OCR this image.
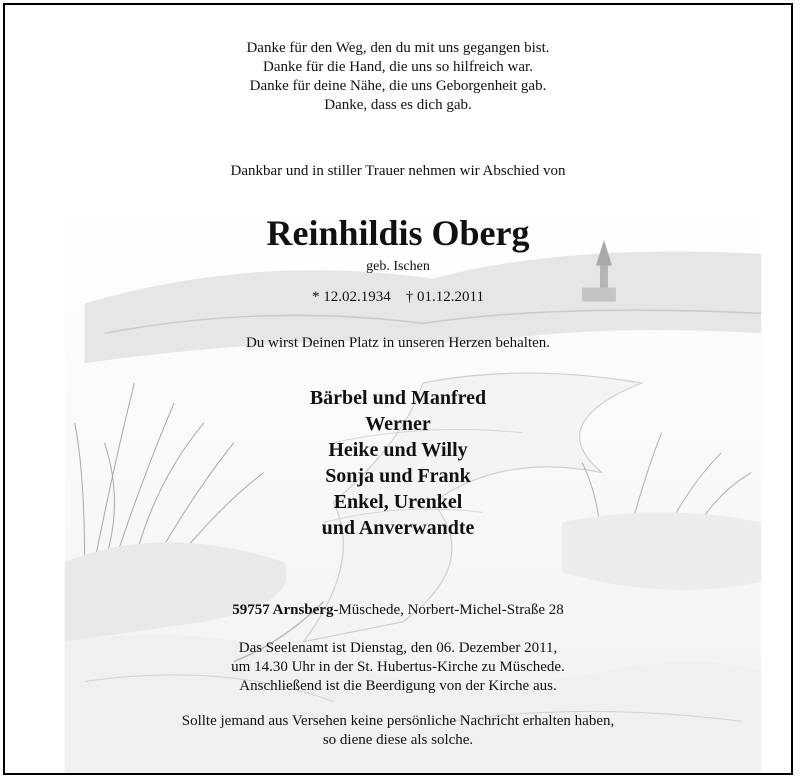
Danke für den Weg, den du mit uns gegangen bist.
Danke für die Hand, die uns so hilfreich war.
Danke für deine Nähe, die uns Geborgenheit gab.
Danke, dass es dich gab.
Dankbar und in stiller Trauer nehmen wir Abschied von
Reinhildis Oberg
geb. Ischen
* 12.02.1934 † 01.12.2011
Du wirst Deinen Platz in unseren Herzen behalten.
Bärbel und Manfred
Werner
Heike und Willy
Sonja und Frank
Enkel, Urenkel
und Anverwandte
59757 Arnsberg-Müschede, Norbert-Michel-Straße 28
Das Seelenamt ist Dienstag, den 06. Dezember 2011,
um 14.30 Uhr in der St. Hubertus-Kirche zu Müschede.
Anschließend ist die Beerdigung von der Kirche aus.
Sollte jemand aus Versehen keine persönliche Nachricht erhalten haben,
so diene diese als solche.
